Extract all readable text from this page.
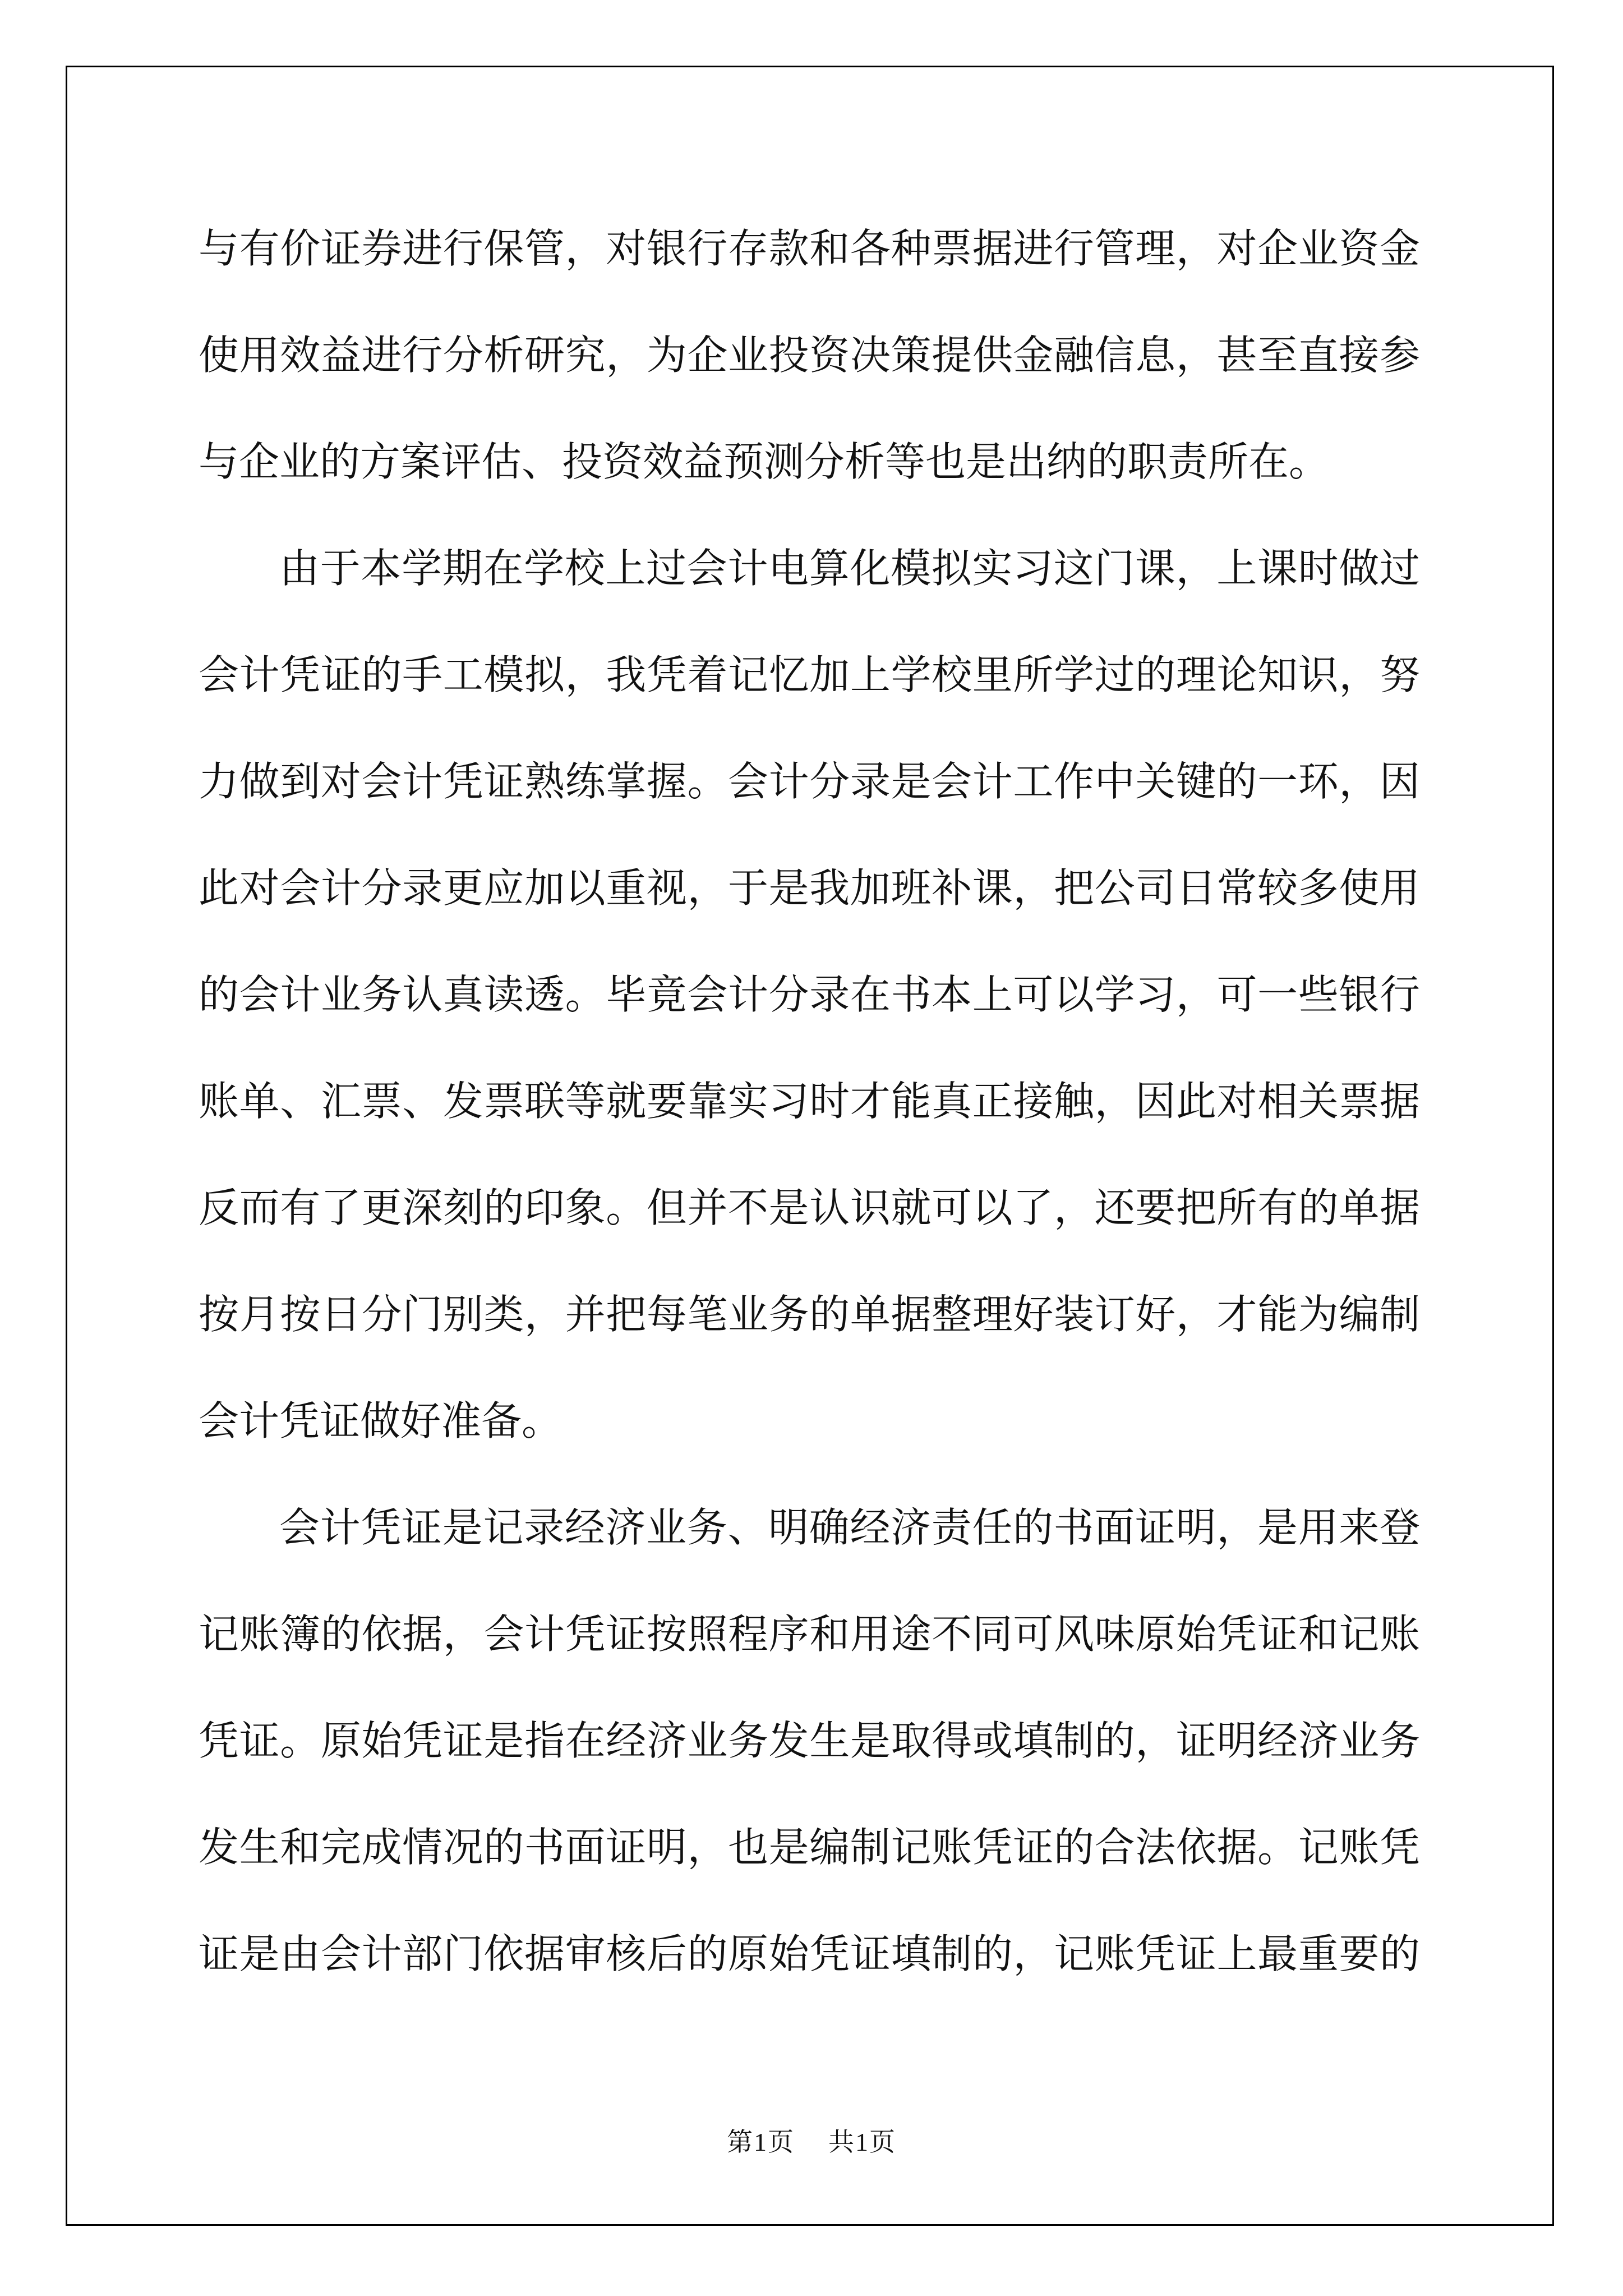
与有价证券进行保管，对银行存款和各种票据进行管理，对企业资金
使用效益进行分析研究，为企业投资决策提供金融信息，甚至直接参
与企业的方案评估、投资效益预测分析等也是出纳的职责所在。
由于本学期在学校上过会计电算化模拟实习这门课，上课时做过
会计凭证的手工模拟，我凭着记忆加上学校里所学过的理论知识，努
力做到对会计凭证熟练掌握。会计分录是会计工作中关键的一环，因
此对会计分录更应加以重视，于是我加班补课，把公司日常较多使用
的会计业务认真读透。毕竟会计分录在书本上可以学习，可一些银行
账单、汇票、发票联等就要靠实习时才能真正接触，因此对相关票据
反而有了更深刻的印象。但并不是认识就可以了，还要把所有的单据
按月按日分门别类，并把每笔业务的单据整理好装订好，才能为编制
会计凭证做好准备。
会计凭证是记录经济业务、明确经济责任的书面证明，是用来登
记账簿的依据，会计凭证按照程序和用途不同可风味原始凭证和记账
凭证。原始凭证是指在经济业务发生是取得或填制的，证明经济业务
发生和完成情况的书面证明，也是编制记账凭证的合法依据。记账凭
证是由会计部门依据审核后的原始凭证填制的，记账凭证上最重要的
第1页 共1页
